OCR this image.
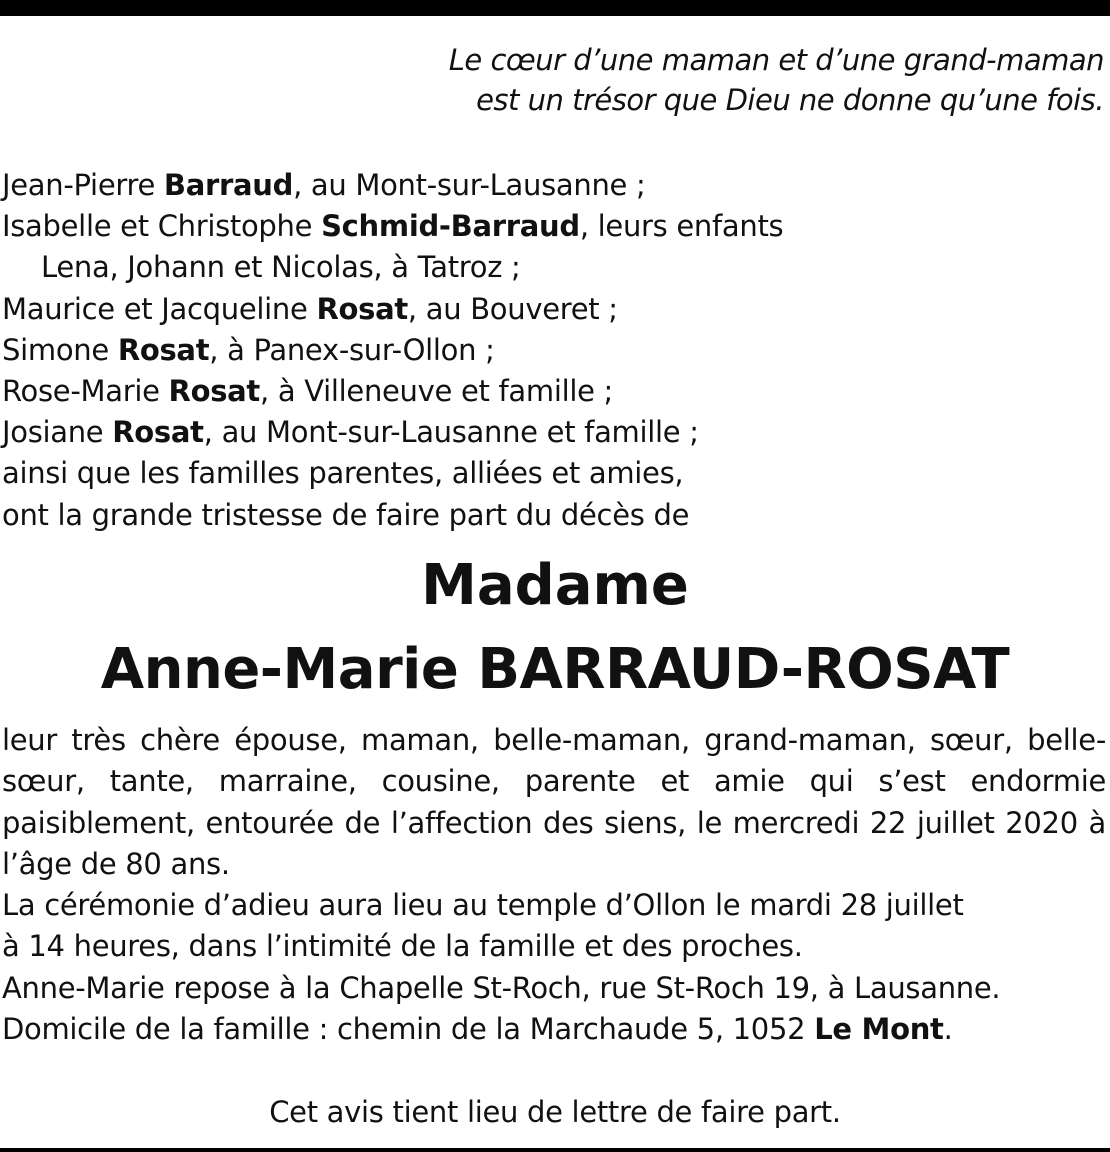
Le cœur d’une maman et d’une grand-maman
est un trésor que Dieu ne donne qu’une fois.
Jean-Pierre Barraud, au Mont-sur-Lausanne ;
Isabelle et Christophe Schmid-Barraud, leurs enfants
Lena, Johann et Nicolas, à Tatroz ;
Maurice et Jacqueline Rosat, au Bouveret ;
Simone Rosat, à Panex-sur-Ollon ;
Rose-Marie Rosat, à Villeneuve et famille ;
Josiane Rosat, au Mont-sur-Lausanne et famille ;
ainsi que les familles parentes, alliées et amies,
ont la grande tristesse de faire part du décès de
Madame
Anne-Marie BARRAUD-ROSAT
leur très chère épouse, maman, belle-maman, grand-maman, sœur, belle-sœur, tante, marraine, cousine, parente et amie qui s’est endormie paisiblement, entourée de l’affection des siens, le mercredi 22 juillet 2020 à l’âge de 80 ans.
La cérémonie d’adieu aura lieu au temple d’Ollon le mardi 28 juillet
à 14 heures, dans l’intimité de la famille et des proches.
Anne-Marie repose à la Chapelle St-Roch, rue St-Roch 19, à Lausanne.
Domicile de la famille : chemin de la Marchaude 5, 1052 Le Mont.
Cet avis tient lieu de lettre de faire part.
